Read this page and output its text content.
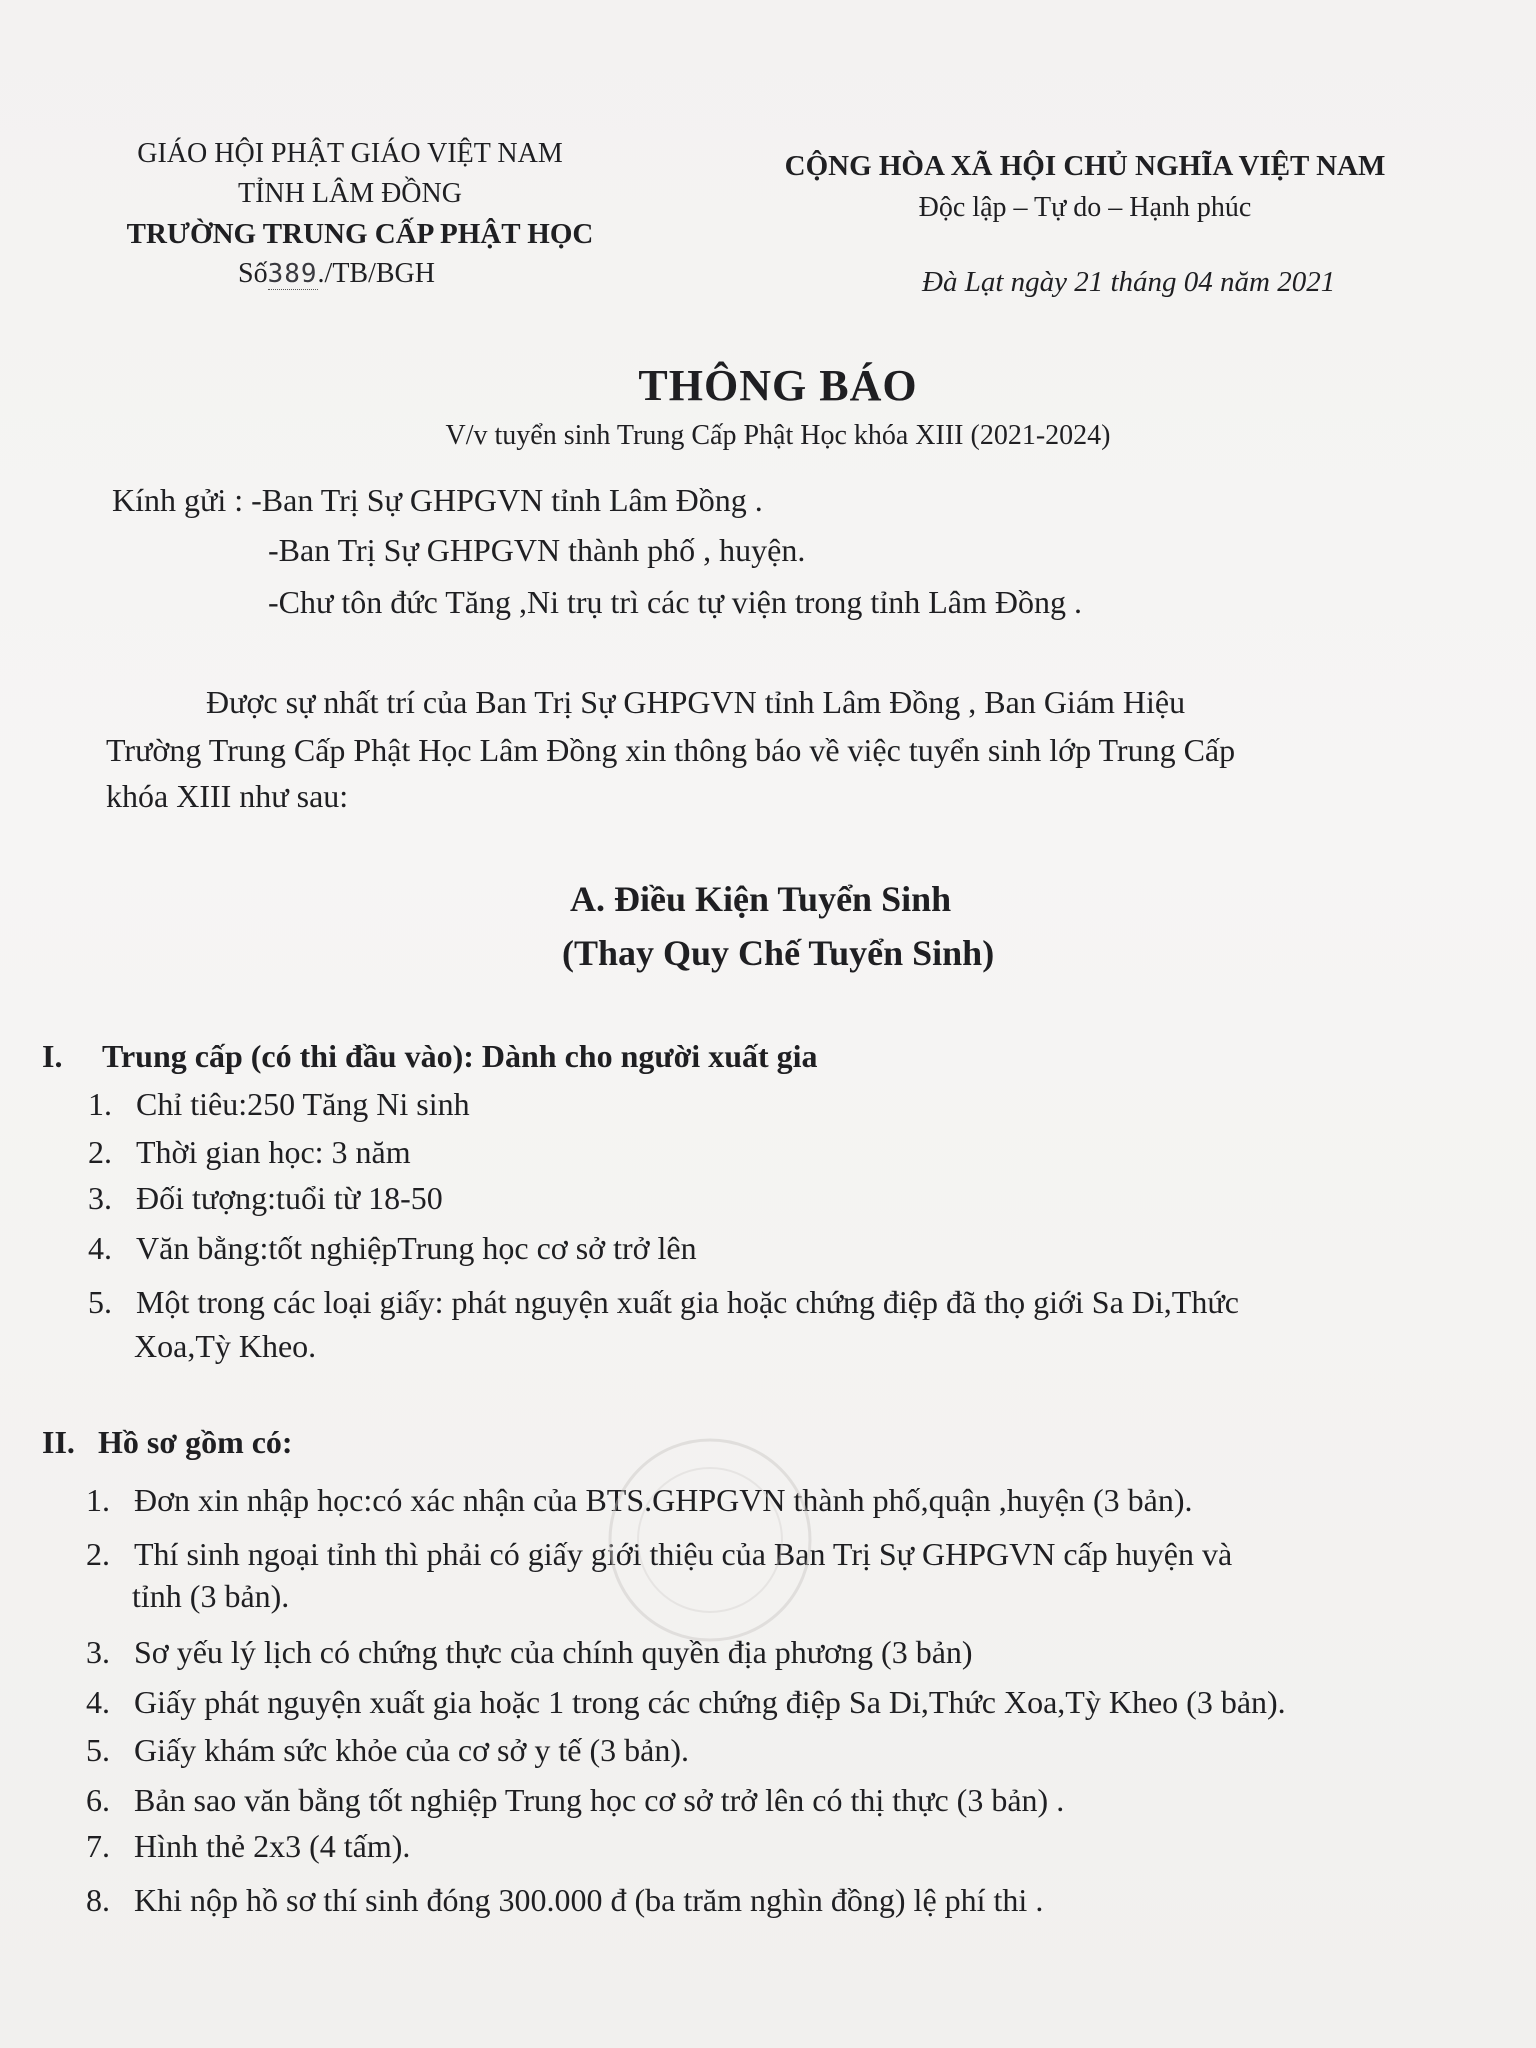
GIÁO HỘI PHẬT GIÁO VIỆT NAM
TỈNH LÂM ĐỒNG
TRƯỜNG TRUNG CẤP PHẬT HỌC
Số389./TB/BGH
CỘNG HÒA XÃ HỘI CHỦ NGHĨA VIỆT NAM
Độc lập – Tự do – Hạnh phúc
Đà Lạt ngày 21 tháng 04 năm 2021
THÔNG BÁO
V/v tuyển sinh Trung Cấp Phật Học khóa XIII (2021-2024)
Kính gửi : -Ban Trị Sự GHPGVN tỉnh Lâm Đồng .
-Ban Trị Sự GHPGVN thành phố , huyện.
-Chư tôn đức Tăng ,Ni trụ trì các tự viện trong tỉnh Lâm Đồng .
Được sự nhất trí của Ban Trị Sự GHPGVN tỉnh Lâm Đồng , Ban Giám Hiệu
Trường Trung Cấp Phật Học Lâm Đồng xin thông báo về việc tuyển sinh lớp Trung Cấp
khóa XIII như sau:
A. Điều Kiện Tuyển Sinh
(Thay Quy Chế Tuyển Sinh)
I. Trung cấp (có thi đầu vào): Dành cho người xuất gia
1. Chỉ tiêu:250 Tăng Ni sinh
2. Thời gian học: 3 năm
3. Đối tượng:tuổi từ 18-50
4. Văn bằng:tốt nghiệpTrung học cơ sở trở lên
5. Một trong các loại giấy: phát nguyện xuất gia hoặc chứng điệp đã thọ giới Sa Di,Thức
Xoa,Tỳ Kheo.
II. Hồ sơ gồm có:
1. Đơn xin nhập học:có xác nhận của BTS.GHPGVN thành phố,quận ,huyện (3 bản).
2. Thí sinh ngoại tỉnh thì phải có giấy giới thiệu của Ban Trị Sự GHPGVN cấp huyện và
tỉnh (3 bản).
3. Sơ yếu lý lịch có chứng thực của chính quyền địa phương (3 bản)
4. Giấy phát nguyện xuất gia hoặc 1 trong các chứng điệp Sa Di,Thức Xoa,Tỳ Kheo (3 bản).
5. Giấy khám sức khỏe của cơ sở y tế (3 bản).
6. Bản sao văn bằng tốt nghiệp Trung học cơ sở trở lên có thị thực (3 bản) .
7. Hình thẻ 2x3 (4 tấm).
8. Khi nộp hồ sơ thí sinh đóng 300.000 đ (ba trăm nghìn đồng) lệ phí thi .
